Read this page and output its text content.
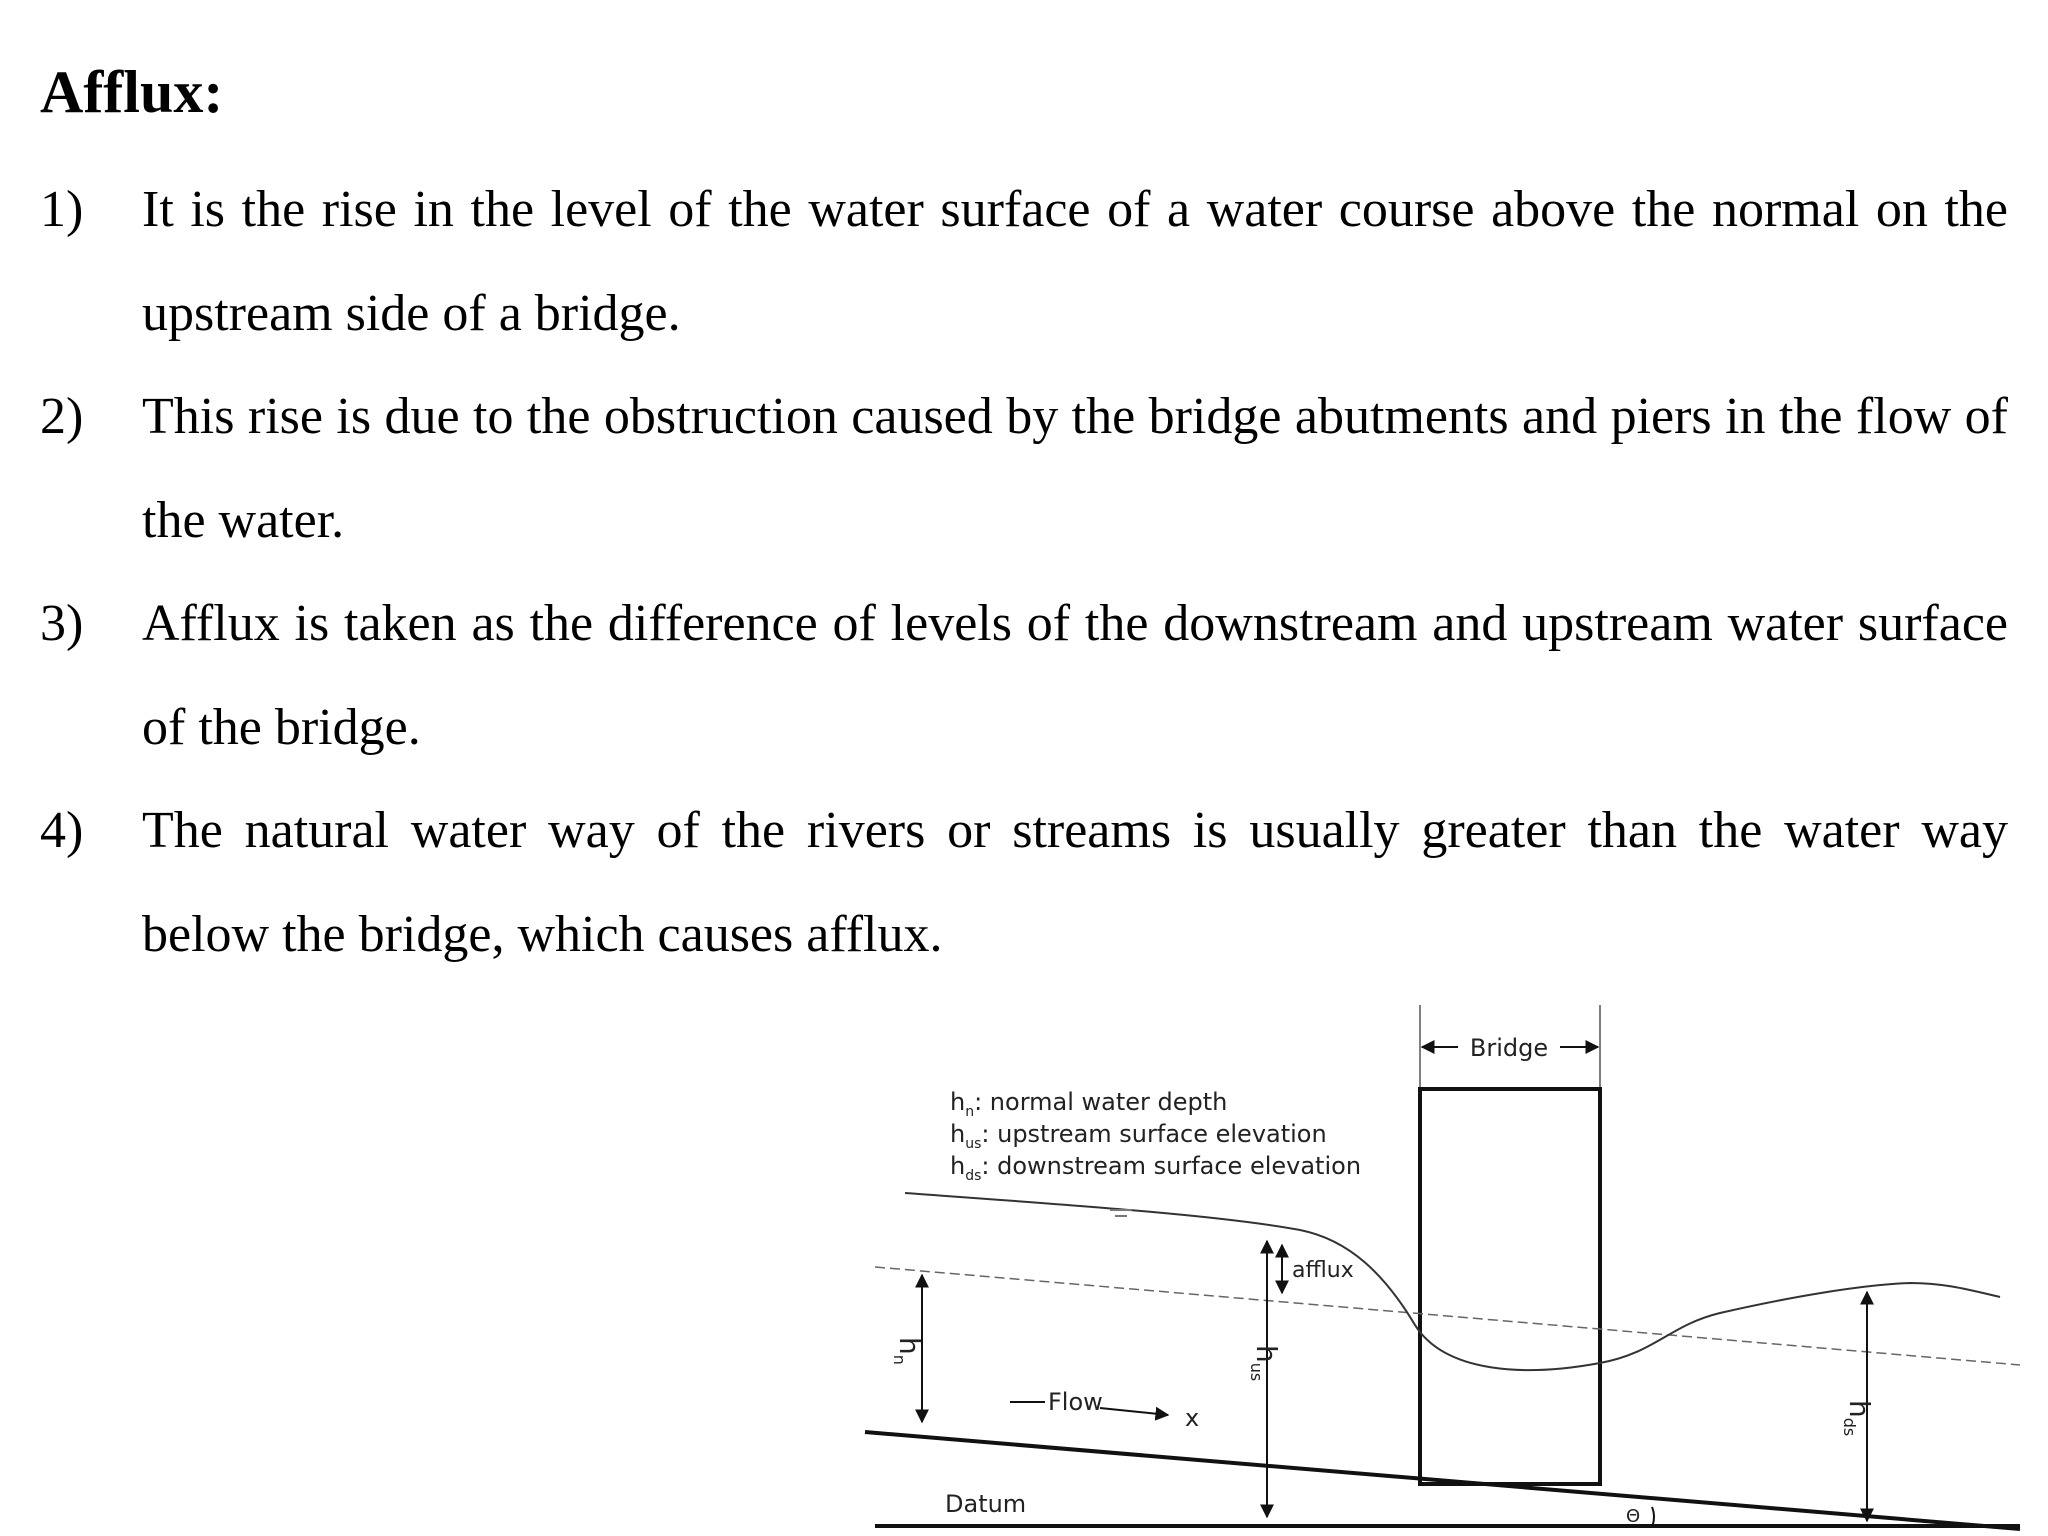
Afflux:
1) It is the rise in the level of the water surface of a water course above the normal on the upstream side of a bridge.
2) This rise is due to the obstruction caused by the bridge abutments and piers in the flow of the water.
3) Afflux is taken as the difference of levels of the downstream and upstream water surface of the bridge.
4) The natural water way of the rivers or streams is usually greater than the water way below the bridge, which causes afflux.
$h_n$: normal water depth
$h_{us}$: upstream surface elevation
$h_{ds}$: downstream surface elevation
Bridge
Datum
$h_n$	$h_{us}$
afflux
$h_{ds}$
Flow
x
Θ
